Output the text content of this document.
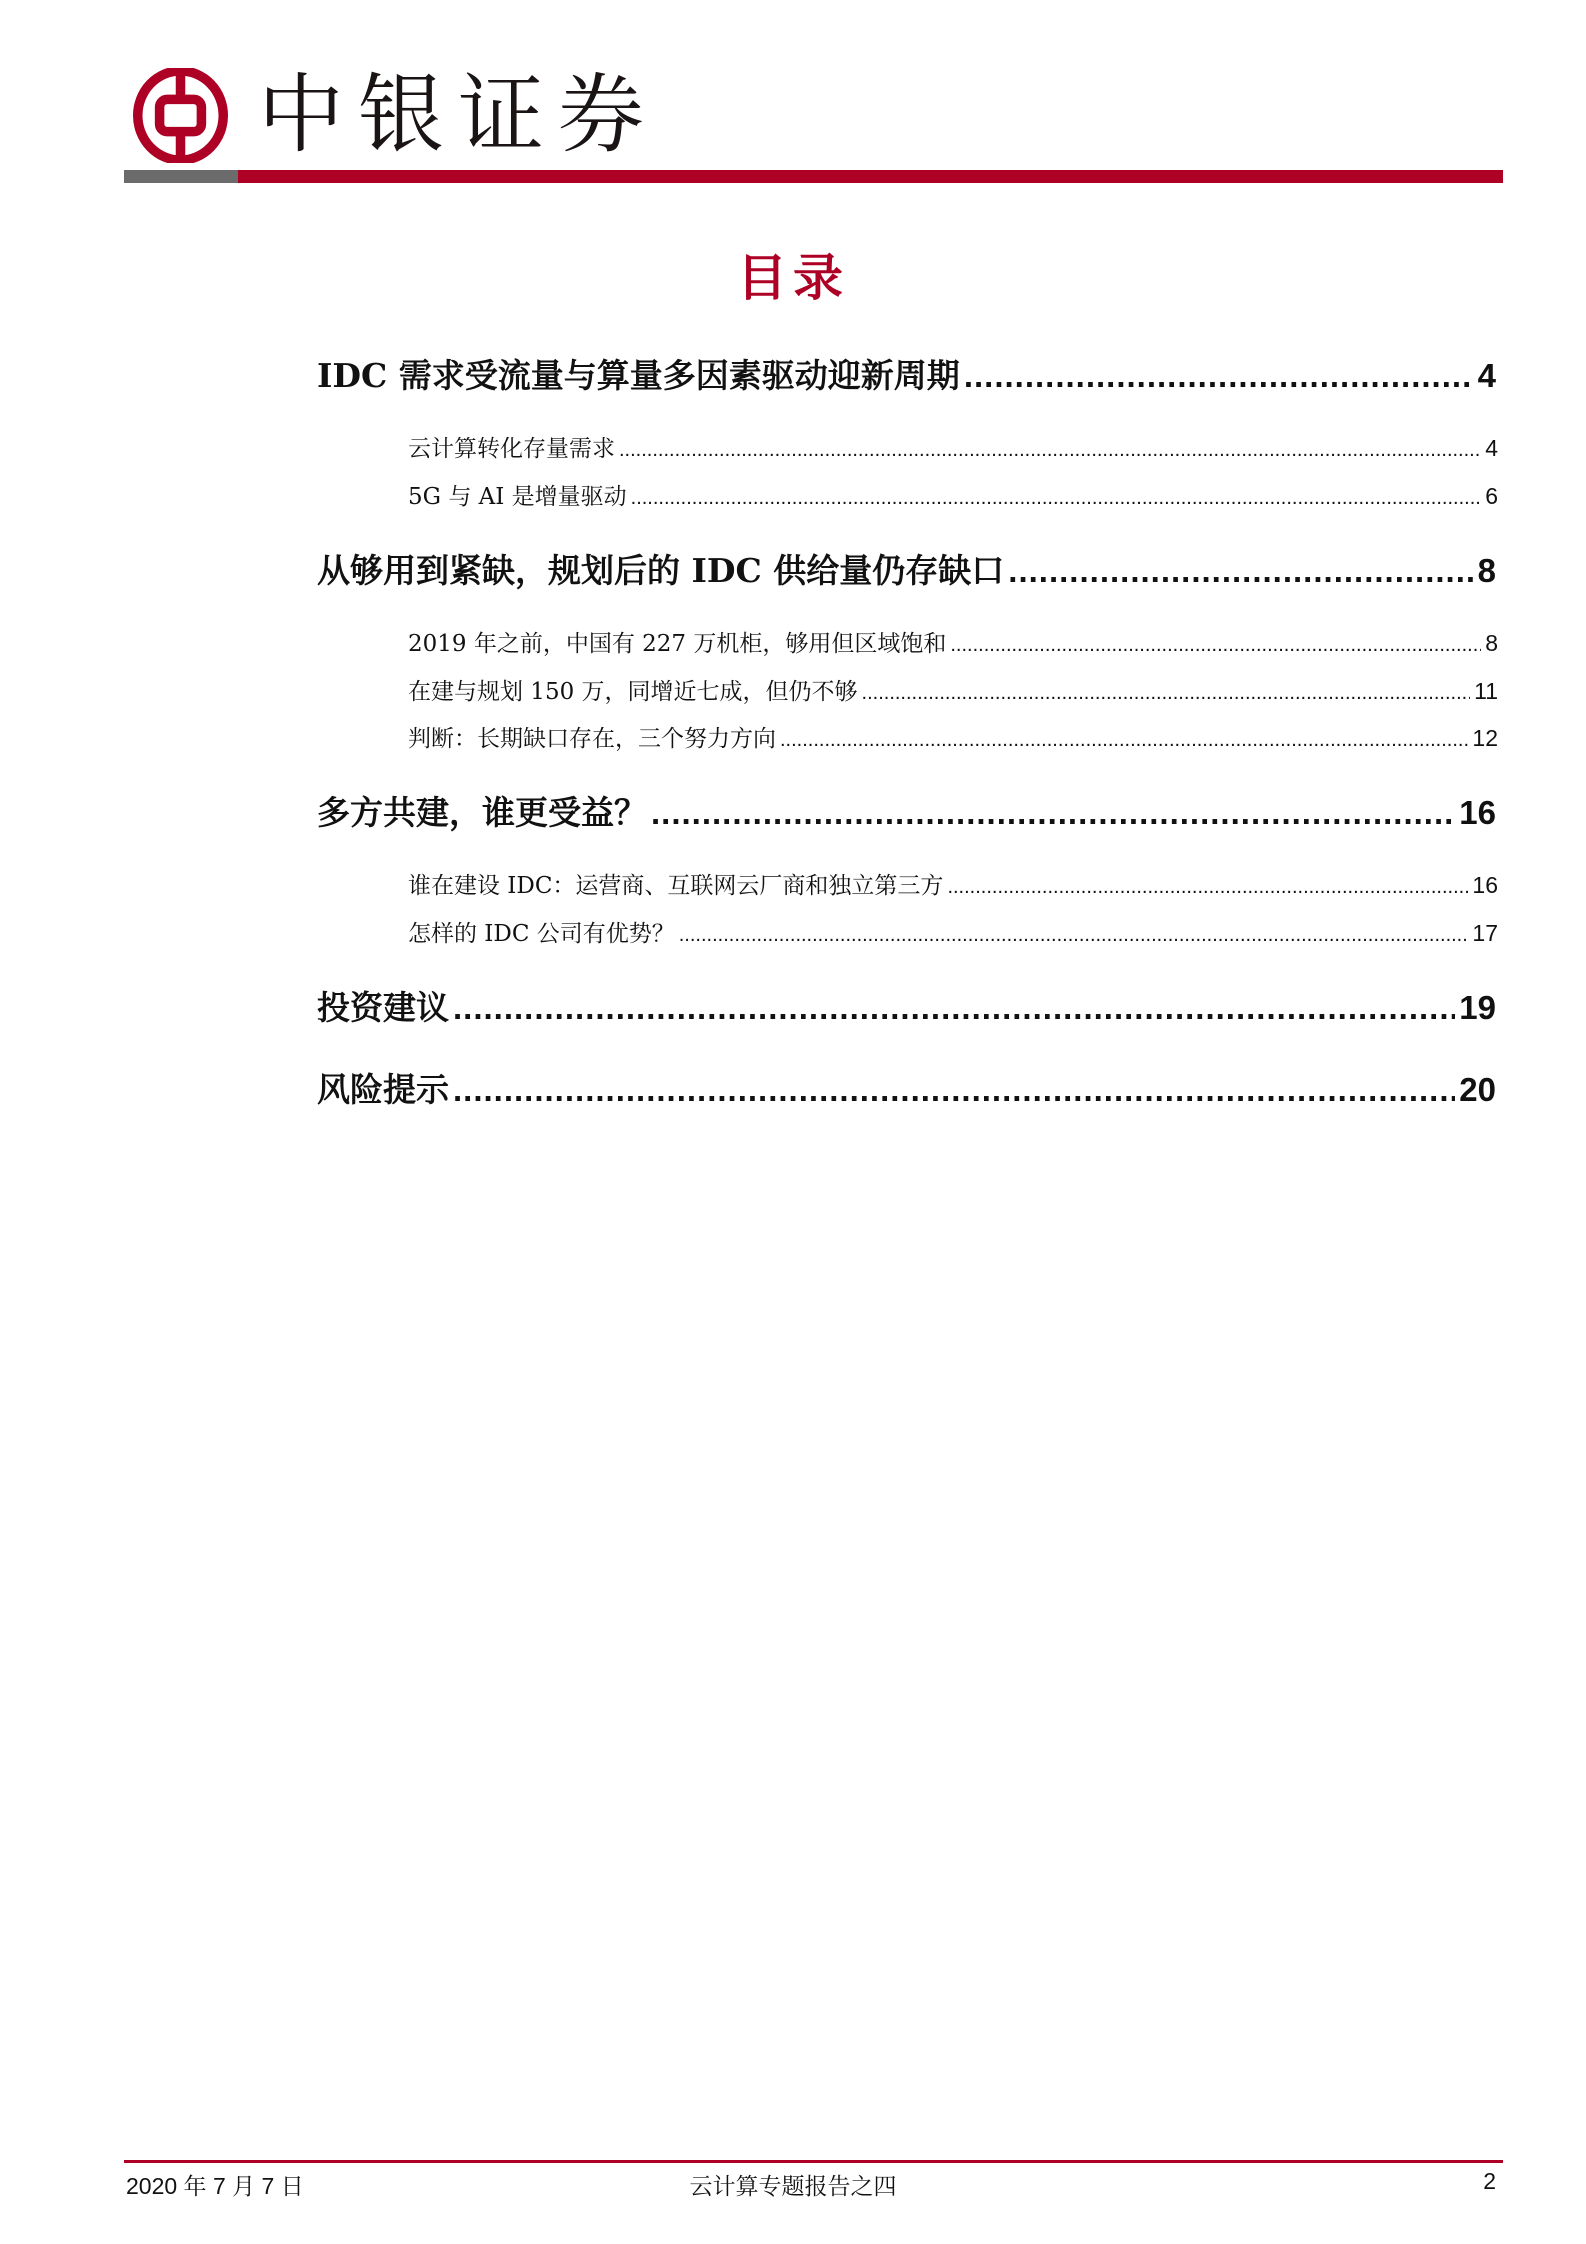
中银证券
目录
IDC 需求受流量与算量多因素驱动迎新周期 .....	4
云计算转化存量需求 .....	4
5G 与 AI 是增量驱动 .....	6
从够用到紧缺，规划后的 IDC 供给量仍存缺口 .....	8
2019 年之前，中国有 227 万机柜，够用但区域饱和 .....	8
在建与规划 150 万，同增近七成，但仍不够 .....	11
判断：长期缺口存在，三个努力方向 .....	12
多方共建，谁更受益？ .....	16
谁在建设 IDC：运营商、互联网云厂商和独立第三方 .....	16
怎样的 IDC 公司有优势？ .....	17
投资建议 .....	19
风险提示 .....	20
2020 年 7 月 7 日	云计算专题报告之四	2
